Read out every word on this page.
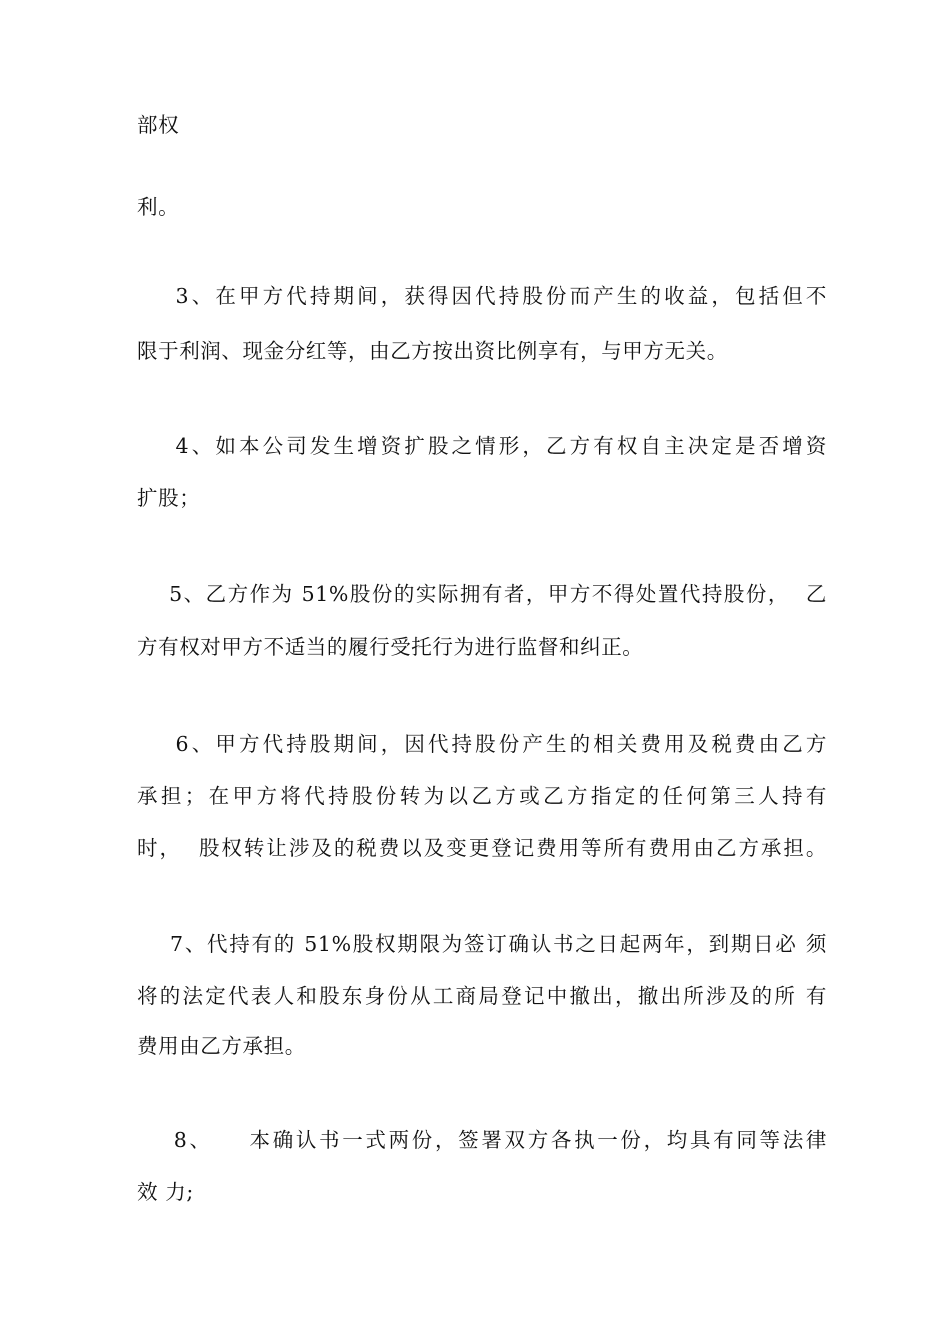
部权
利。
3、在甲方代持期间，获得因代持股份而产生的收益，包括但不
限于利润、现金分红等，由乙方按出资比例享有，与甲方无关。
4、如本公司发生增资扩股之情形，乙方有权自主决定是否增资
扩股；
5、乙方作为 51%股份的实际拥有者，甲方不得处置代持股份，  乙
方有权对甲方不适当的履行受托行为进行监督和纠正。
6、甲方代持股期间，因代持股份产生的相关费用及税费由乙方
承担；在甲方将代持股份转为以乙方或乙方指定的任何第三人持有
时，  股权转让涉及的税费以及变更登记费用等所有费用由乙方承担。
7、代持有的 51%股权期限为签订确认书之日起两年，到期日必 须
将的法定代表人和股东身份从工商局登记中撤出，撤出所涉及的所 有
费用由乙方承担。
8、    本确认书一式两份，签署双方各执一份，均具有同等法律
效 力;
